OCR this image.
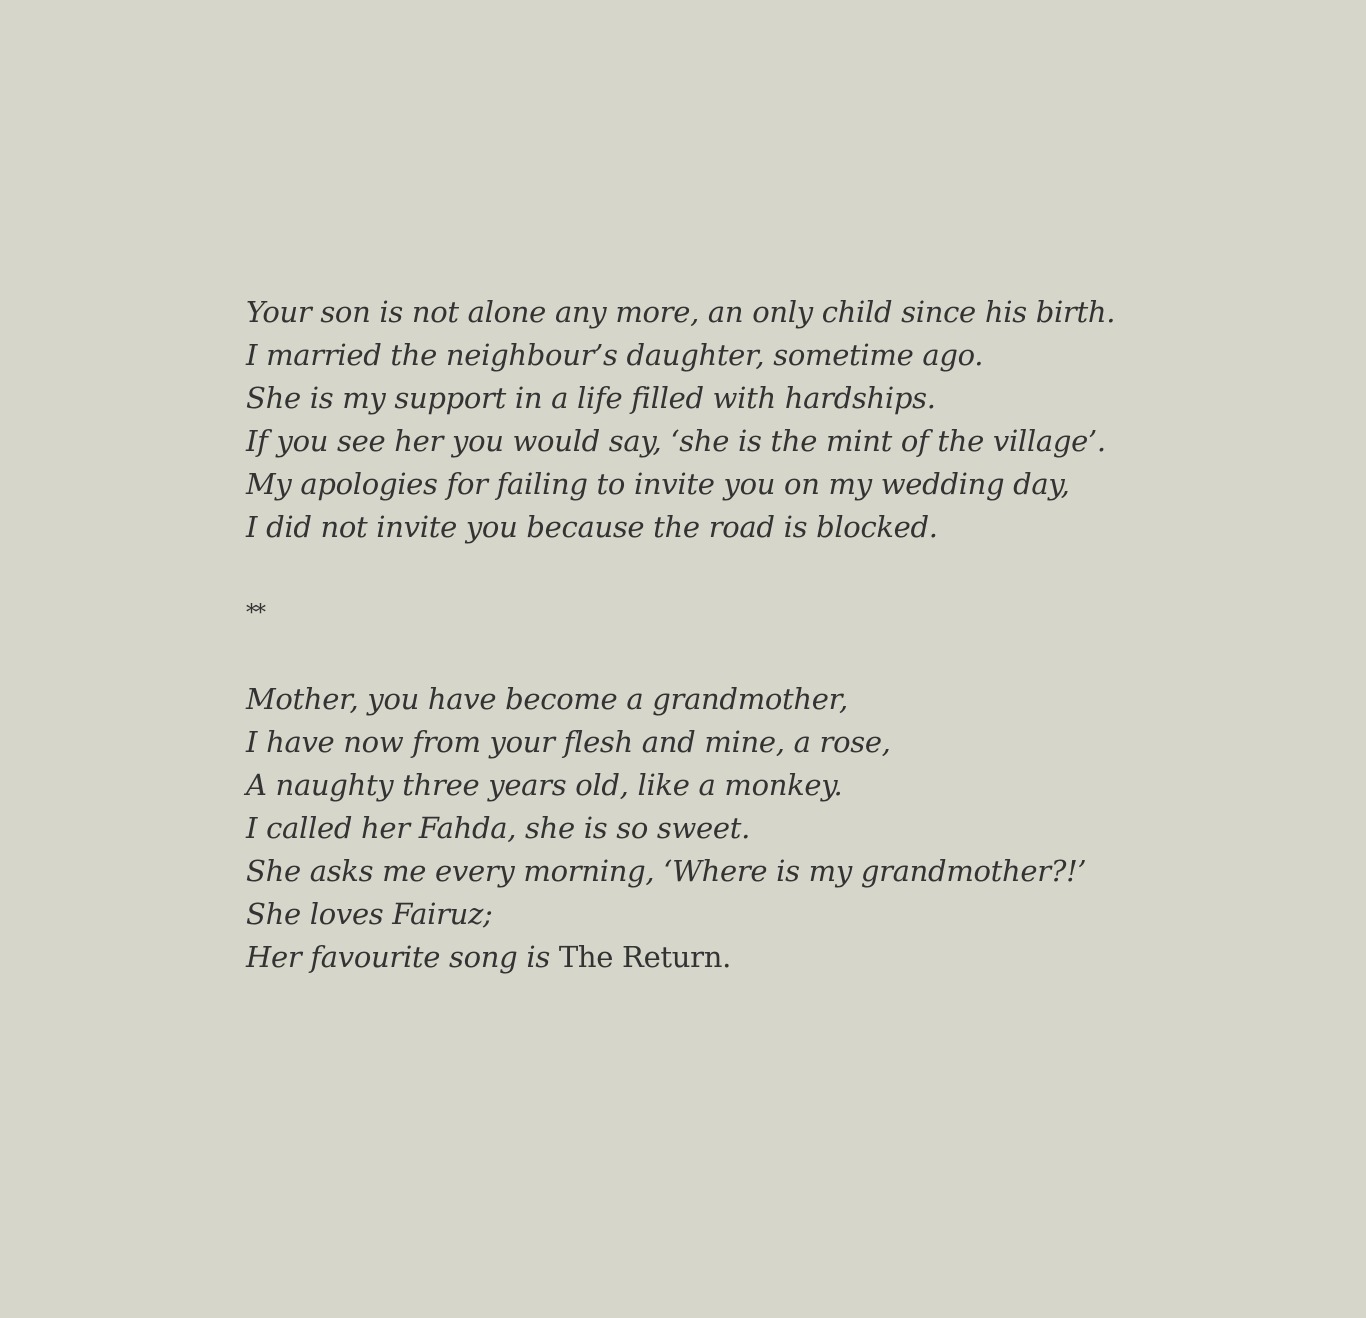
Your son is not alone any more, an only child since his birth.
I married the neighbour’s daughter, sometime ago.
She is my support in a life filled with hardships.
If you see her you would say, ‘she is the mint of the village’.
My apologies for failing to invite you on my wedding day,
I did not invite you because the road is blocked.
**
Mother, you have become a grandmother,
I have now from your flesh and mine, a rose,
A naughty three years old, like a monkey.
I called her Fahda, she is so sweet.
She asks me every morning, ‘Where is my grandmother?!’
She loves Fairuz;
Her favourite song is The Return.
